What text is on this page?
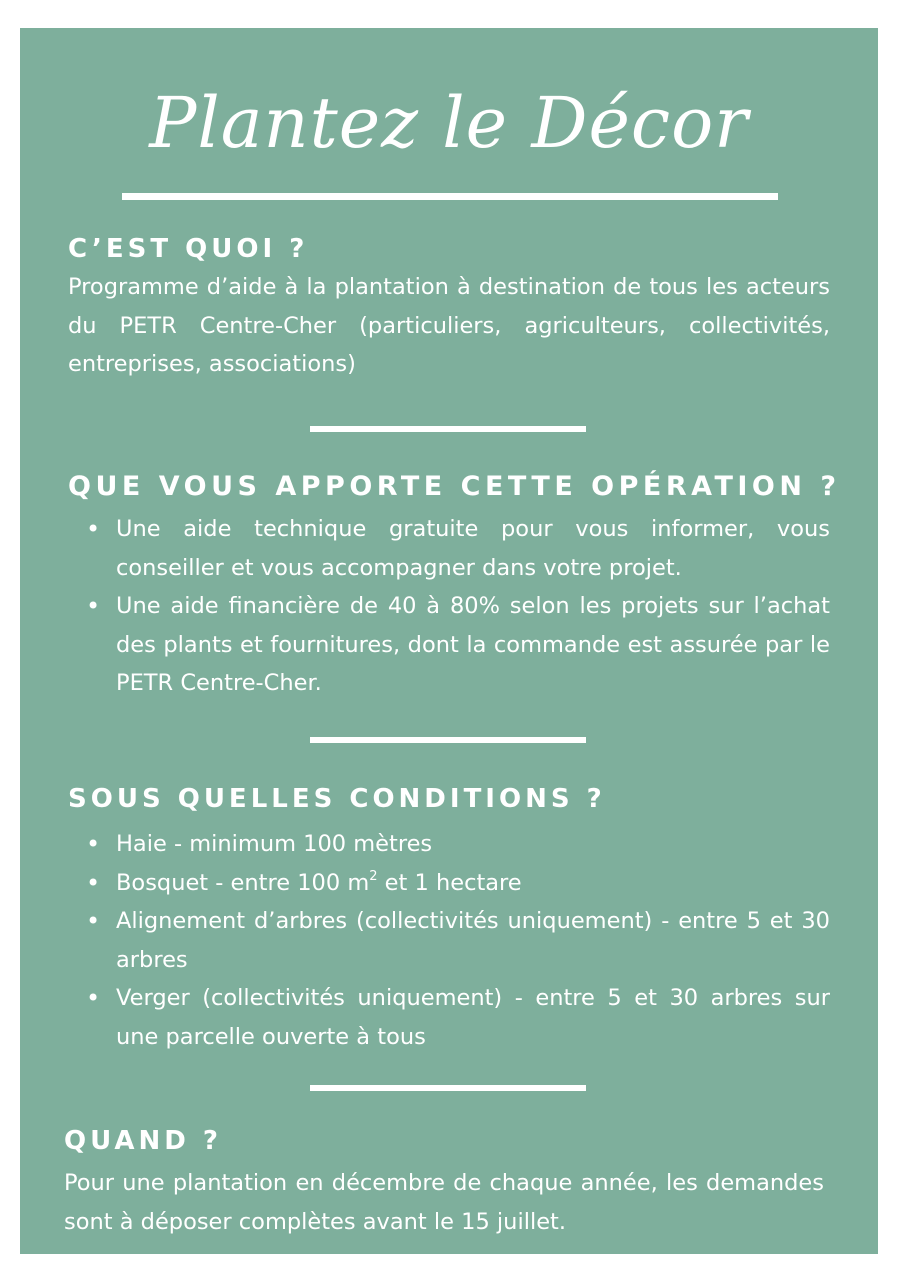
Plantez le Décor
C’EST QUOI ?
Programme d’aide à la plantation à destination de tous les acteurs du PETR Centre-Cher (particuliers, agriculteurs, collectivités, entreprises, associations)
QUE VOUS APPORTE CETTE OPÉRATION ?
• Une aide technique gratuite pour vous informer, vous conseiller et vous accompagner dans votre projet.
• Une aide financière de 40 à 80% selon les projets sur l’achat des plants et fournitures, dont la commande est assurée par le PETR Centre-Cher.
SOUS QUELLES CONDITIONS ?
• Haie - minimum 100 mètres
• Bosquet - entre 100 $m^2$ et 1 hectare
• Alignement d’arbres (collectivités uniquement) - entre 5 et 30 arbres
• Verger (collectivités uniquement) - entre 5 et 30 arbres sur une parcelle ouverte à tous
QUAND ?
Pour une plantation en décembre de chaque année, les demandes sont à déposer complètes avant le 15 juillet.
